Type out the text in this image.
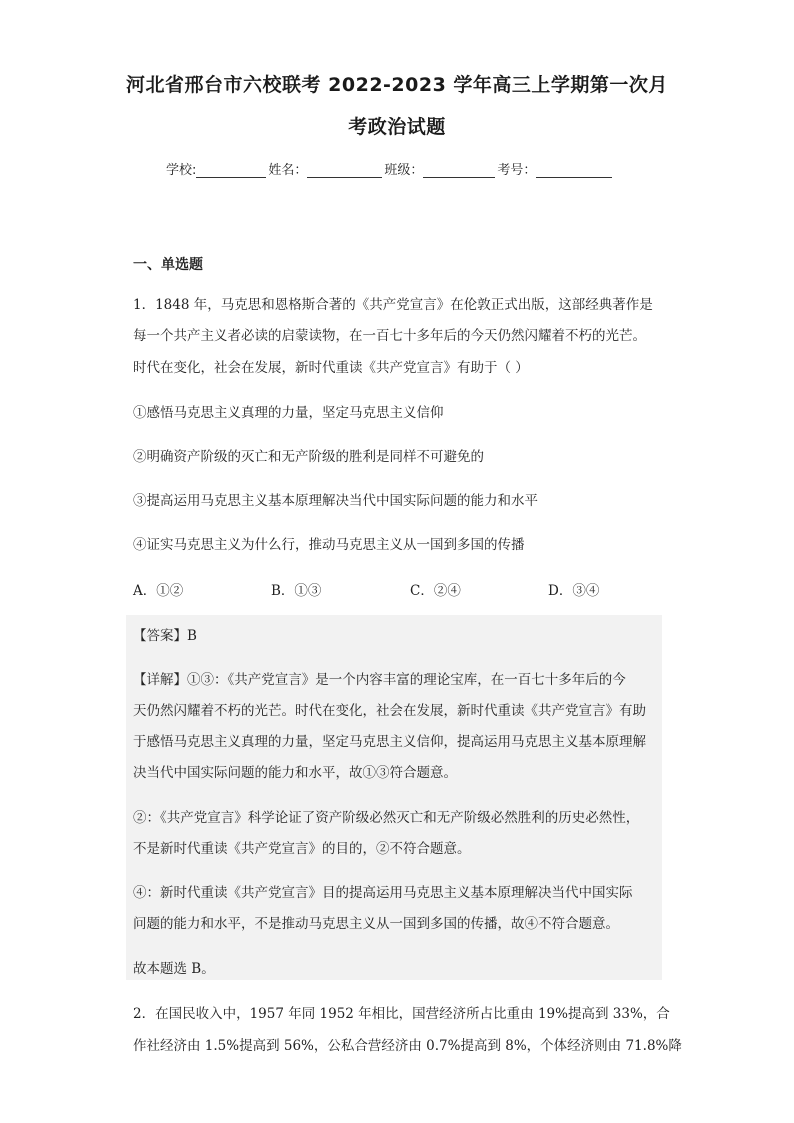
河北省邢台市六校联考 2022-2023 学年高三上学期第一次月
考政治试题
学校:	姓名：	班级：	考号：
一、单选题
1．1848 年，马克思和恩格斯合著的《共产党宣言》在伦敦正式出版，这部经典著作是
每一个共产主义者必读的启蒙读物，在一百七十多年后的今天仍然闪耀着不朽的光芒。
时代在变化，社会在发展，新时代重读《共产党宣言》有助于（ ）
①感悟马克思主义真理的力量，坚定马克思主义信仰
②明确资产阶级的灭亡和无产阶级的胜利是同样不可避免的
③提高运用马克思主义基本原理解决当代中国实际问题的能力和水平
④证实马克思主义为什么行，推动马克思主义从一国到多国的传播
A．①②	B．①③	C．②④	D．③④
【答案】B
【详解】①③：《共产党宣言》是一个内容丰富的理论宝库，在一百七十多年后的今
天仍然闪耀着不朽的光芒。时代在变化，社会在发展，新时代重读《共产党宣言》有助
于感悟马克思主义真理的力量，坚定马克思主义信仰，提高运用马克思主义基本原理解
决当代中国实际问题的能力和水平，故①③符合题意。
②：《共产党宣言》科学论证了资产阶级必然灭亡和无产阶级必然胜利的历史必然性，
不是新时代重读《共产党宣言》的目的，②不符合题意。
④：新时代重读《共产党宣言》目的提高运用马克思主义基本原理解决当代中国实际
问题的能力和水平，不是推动马克思主义从一国到多国的传播，故④不符合题意。
故本题选 B。
2．在国民收入中，1957 年同 1952 年相比，国营经济所占比重由 19%提高到 33%，合
作社经济由 1.5%提高到 56%，公私合营经济由 0.7%提高到 8%，个体经济则由 71.8%降
